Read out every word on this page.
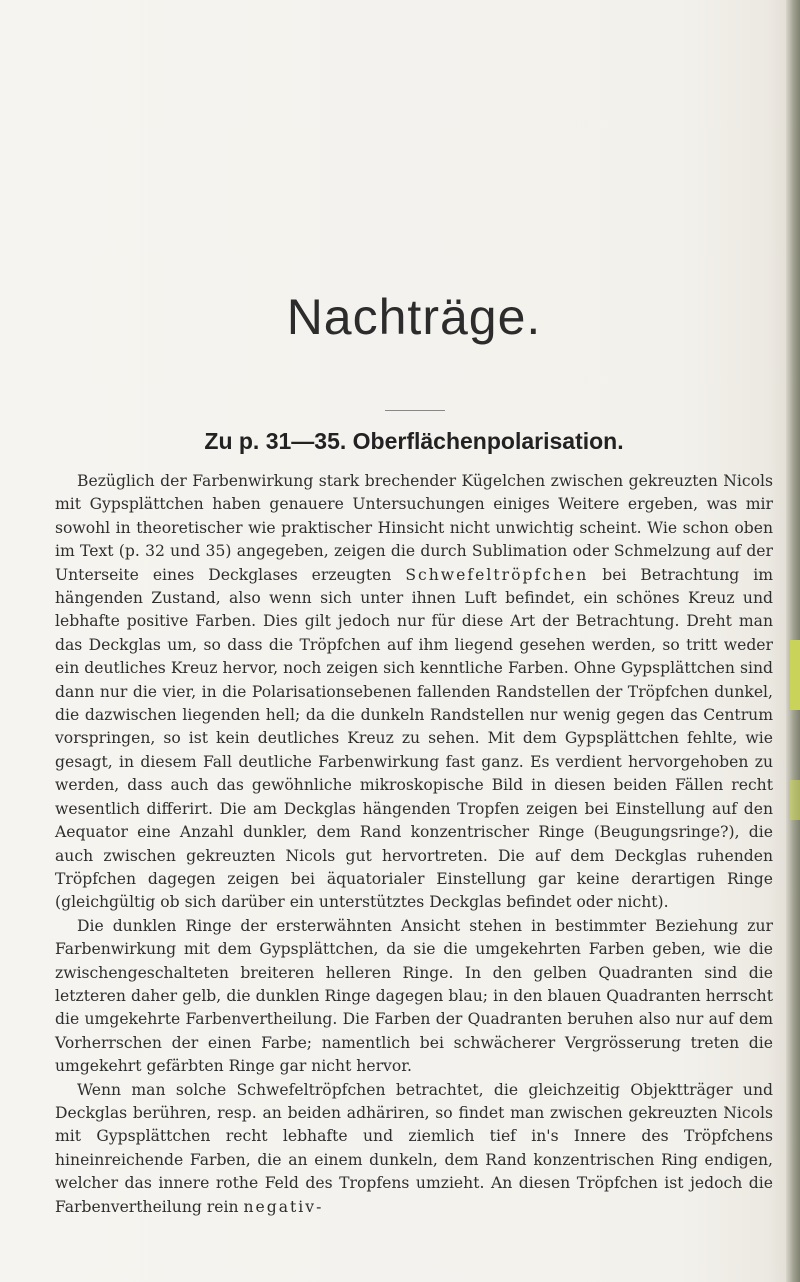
Nachträge.
Zu p. 31—35. Oberflächenpolarisation.

Bezüglich der Farbenwirkung stark brechender Kügelchen zwischen gekreuzten Nicols mit Gypsplättchen haben genauere Untersuchungen einiges Weitere ergeben, was mir sowohl in theoretischer wie praktischer Hinsicht nicht unwichtig scheint. Wie schon oben im Text (p. 32 und 35) angegeben, zeigen die durch Sublimation oder Schmelzung auf der Unterseite eines Deckglases erzeugten Schwefeltröpfchen bei Betrachtung im hängenden Zustand, also wenn sich unter ihnen Luft befindet, ein schönes Kreuz und lebhafte positive Farben. Dies gilt jedoch nur für diese Art der Betrachtung. Dreht man das Deckglas um, so dass die Tröpfchen auf ihm liegend gesehen werden, so tritt weder ein deutliches Kreuz hervor, noch zeigen sich kenntliche Farben. Ohne Gypsplättchen sind dann nur die vier, in die Polarisationsebenen fallenden Randstellen der Tröpfchen dunkel, die dazwischen liegenden hell; da die dunkeln Randstellen nur wenig gegen das Centrum vorspringen, so ist kein deutliches Kreuz zu sehen. Mit dem Gypsplättchen fehlte, wie gesagt, in diesem Fall deutliche Farbenwirkung fast ganz. Es verdient hervorgehoben zu werden, dass auch das gewöhnliche mikroskopische Bild in diesen beiden Fällen recht wesentlich differirt. Die am Deckglas hängenden Tropfen zeigen bei Einstellung auf den Aequator eine Anzahl dunkler, dem Rand konzentrischer Ringe (Beugungsringe?), die auch zwischen gekreuzten Nicols gut hervortreten. Die auf dem Deckglas ruhenden Tröpfchen dagegen zeigen bei äquatorialer Einstellung gar keine derartigen Ringe (gleichgültig ob sich darüber ein unterstütztes Deckglas befindet oder nicht).

Die dunklen Ringe der ersterwähnten Ansicht stehen in bestimmter Beziehung zur Farbenwirkung mit dem Gypsplättchen, da sie die umgekehrten Farben geben, wie die zwischengeschalteten breiteren helleren Ringe. In den gelben Quadranten sind die letzteren daher gelb, die dunklen Ringe dagegen blau; in den blauen Quadranten herrscht die umgekehrte Farbenvertheilung. Die Farben der Quadranten beruhen also nur auf dem Vorherrschen der einen Farbe; namentlich bei schwächerer Vergrösserung treten die umgekehrt gefärbten Ringe gar nicht hervor.

Wenn man solche Schwefeltröpfchen betrachtet, die gleichzeitig Objektträger und Deckglas berühren, resp. an beiden adhäriren, so findet man zwischen gekreuzten Nicols mit Gypsplättchen recht lebhafte und ziemlich tief in's Innere des Tröpfchens hineinreichende Farben, die an einem dunkeln, dem Rand konzentrischen Ring endigen, welcher das innere rothe Feld des Tropfens umzieht. An diesen Tröpfchen ist jedoch die Farbenvertheilung rein negativ-
